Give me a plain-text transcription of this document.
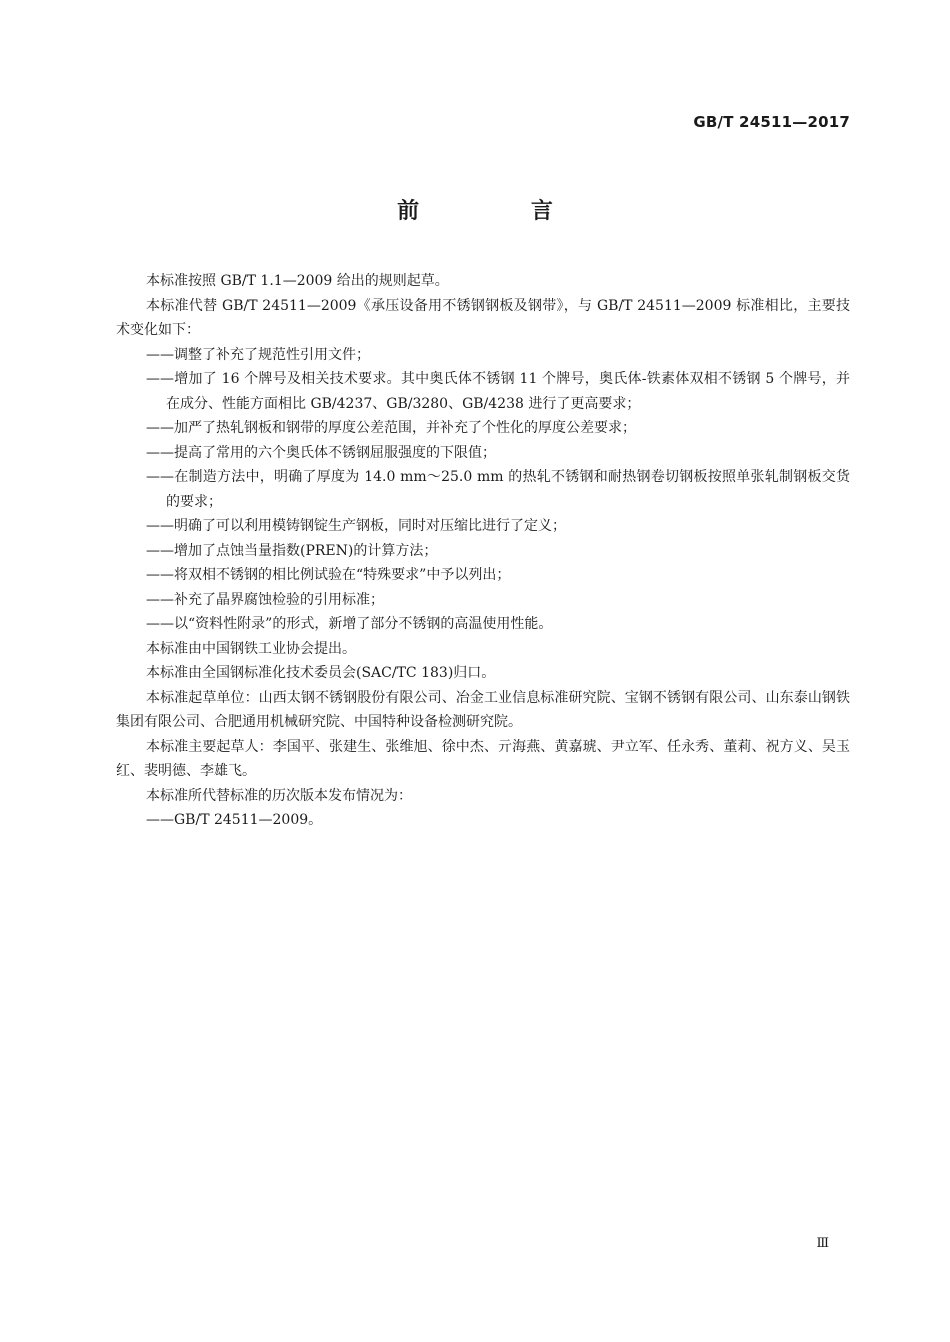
GB/T 24511—2017
前 言
本标准按照 GB/T 1.1—2009 给出的规则起草。
本标准代替 GB/T 24511—2009《承压设备用不锈钢钢板及钢带》，与 GB/T 24511—2009 标准相比，主要技术变化如下：
——调整了补充了规范性引用文件；
——增加了 16 个牌号及相关技术要求。其中奥氏体不锈钢 11 个牌号，奥氏体-铁素体双相不锈钢 5 个牌号，并在成分、性能方面相比 GB/4237、GB/3280、GB/4238 进行了更高要求；
——加严了热轧钢板和钢带的厚度公差范围，并补充了个性化的厚度公差要求；
——提高了常用的六个奥氏体不锈钢屈服强度的下限值；
——在制造方法中，明确了厚度为 14.0 mm～25.0 mm 的热轧不锈钢和耐热钢卷切钢板按照单张轧制钢板交货的要求；
——明确了可以利用模铸钢锭生产钢板，同时对压缩比进行了定义；
——增加了点蚀当量指数(PREN)的计算方法；
——将双相不锈钢的相比例试验在“特殊要求”中予以列出；
——补充了晶界腐蚀检验的引用标准；
——以“资料性附录”的形式，新增了部分不锈钢的高温使用性能。
本标准由中国钢铁工业协会提出。
本标准由全国钢标准化技术委员会(SAC/TC 183)归口。
本标准起草单位：山西太钢不锈钢股份有限公司、冶金工业信息标准研究院、宝钢不锈钢有限公司、山东泰山钢铁集团有限公司、合肥通用机械研究院、中国特种设备检测研究院。
本标准主要起草人：李国平、张建生、张维旭、徐中杰、亓海燕、黄嘉琥、尹立军、任永秀、董莉、祝方义、吴玉红、裴明德、李雄飞。
本标准所代替标准的历次版本发布情况为：
——GB/T 24511—2009。
Ⅲ
